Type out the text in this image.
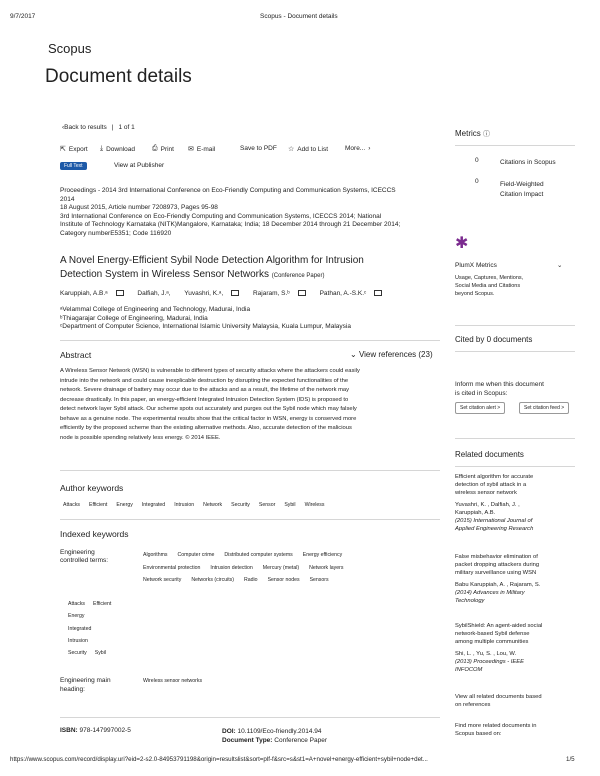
9/7/2017	Scopus - Document details
Scopus
Document details
‹Back to results | 1 of 1
⇱ Export ⤓ Download ⎙ Print ✉ E-mail	Save to PDF ☆ Add to List	More... ›
Full Text	View at Publisher
Proceedings - 2014 3rd International Conference on Eco-Friendly Computing and Communication Systems, ICECCS
2014
18 August 2015, Article number 7208973, Pages 95-98
3rd International Conference on Eco-Friendly Computing and Communication Systems, ICECCS 2014; National
Institute of Technology Karnataka (NITK)Mangalore, Karnataka; India; 18 December 2014 through 21 December 2014;
Category numberE5351; Code 116920
A Novel Energy-Efficient Sybil Node Detection Algorithm for Intrusion
Detection System in Wireless Sensor Networks (Conference Paper)
Karuppiah, A.B.ᵃ	Dalfiah, J.ᵃ, Yuvashri, K.ᵃ,	Rajaram, S.ᵇ	Pathan, A.-S.K.ᶜ
ᵃVelammal College of Engineering and Technology, Madurai, India
ᵇThiagarajar College of Engineering, Madurai, India
ᶜDepartment of Computer Science, International Islamic University Malaysia, Kuala Lumpur, Malaysia
Abstract	⌄ View references (23)
A Wireless Sensor Network (WSN) is vulnerable to different types of security attacks where the attackers could easily
intrude into the network and could cause inexplicable destruction by disrupting the expected functionalities of the
network. Severe drainage of battery may occur due to the attacks and as a result, the lifetime of the network may
decrease drastically. In this paper, an energy-efficient Integrated Intrusion Detection System (IDS) is proposed to
detect network layer Sybil attack. Our scheme spots out accurately and purges out the Sybil node which may falsely
behave as a genuine node. The experimental results show that the critical factor in WSN, energy is conserved more
efficiently by the proposed scheme than the existing alternative methods. Also, accurate detection of the malicious
node is possible spending relatively less energy. © 2014 IEEE.
Author keywords
Attacks Efficient Energy Integrated Intrusion Network Security Sensor Sybil Wireless
Indexed keywords
Engineering controlled terms:
Algorithms Computer crime Distributed computer systems Energy efficiency
Environmental protection Intrusion detection Mercury (metal) Network layers
Network security Networks (circuits) Radio Sensor nodes Sensors
Attacks Efficient
Energy
Integrated
Intrusion
Security Sybil
Engineering main heading:
Wireless sensor networks
ISBN: 978-147997002-5	DOI: 10.1109/Eco-friendly.2014.94
Document Type: Conference Paper
Metrics ⓘ
0	Citations in Scopus
0	Field-Weighted
Citation Impact
✱
PlumX Metrics	⌄
Usage, Captures, Mentions,
Social Media and Citations
beyond Scopus.
Cited by 0 documents
Inform me when this document
is cited in Scopus:
Set citation alert >	Set citation feed >
Related documents
Efficient algorithm for accurate
detection of sybil attack in a
wireless sensor network
Yuvashri, K. , Dalfiah, J. ,
Karuppiah, A.B.
(2015) International Journal of
Applied Engineering Research
False misbehavior elimination of
packet dropping attackers during
military surveillance using WSN
Babu Karuppiah, A. , Rajaram, S.
(2014) Advances in Military
Technology
SybilShield: An agent-aided social
network-based Sybil defense
among multiple communities
Shi, L. , Yu, S. , Lou, W.
(2013) Proceedings - IEEE
INFOCOM
View all related documents based
on references
Find more related documents in
Scopus based on:
https://www.scopus.com/record/display.uri?eid=2-s2.0-84953791198&origin=resultslist&sort=plf-f&src=s&st1=A+novel+energy-efficient+sybil+node+det...	1/5
